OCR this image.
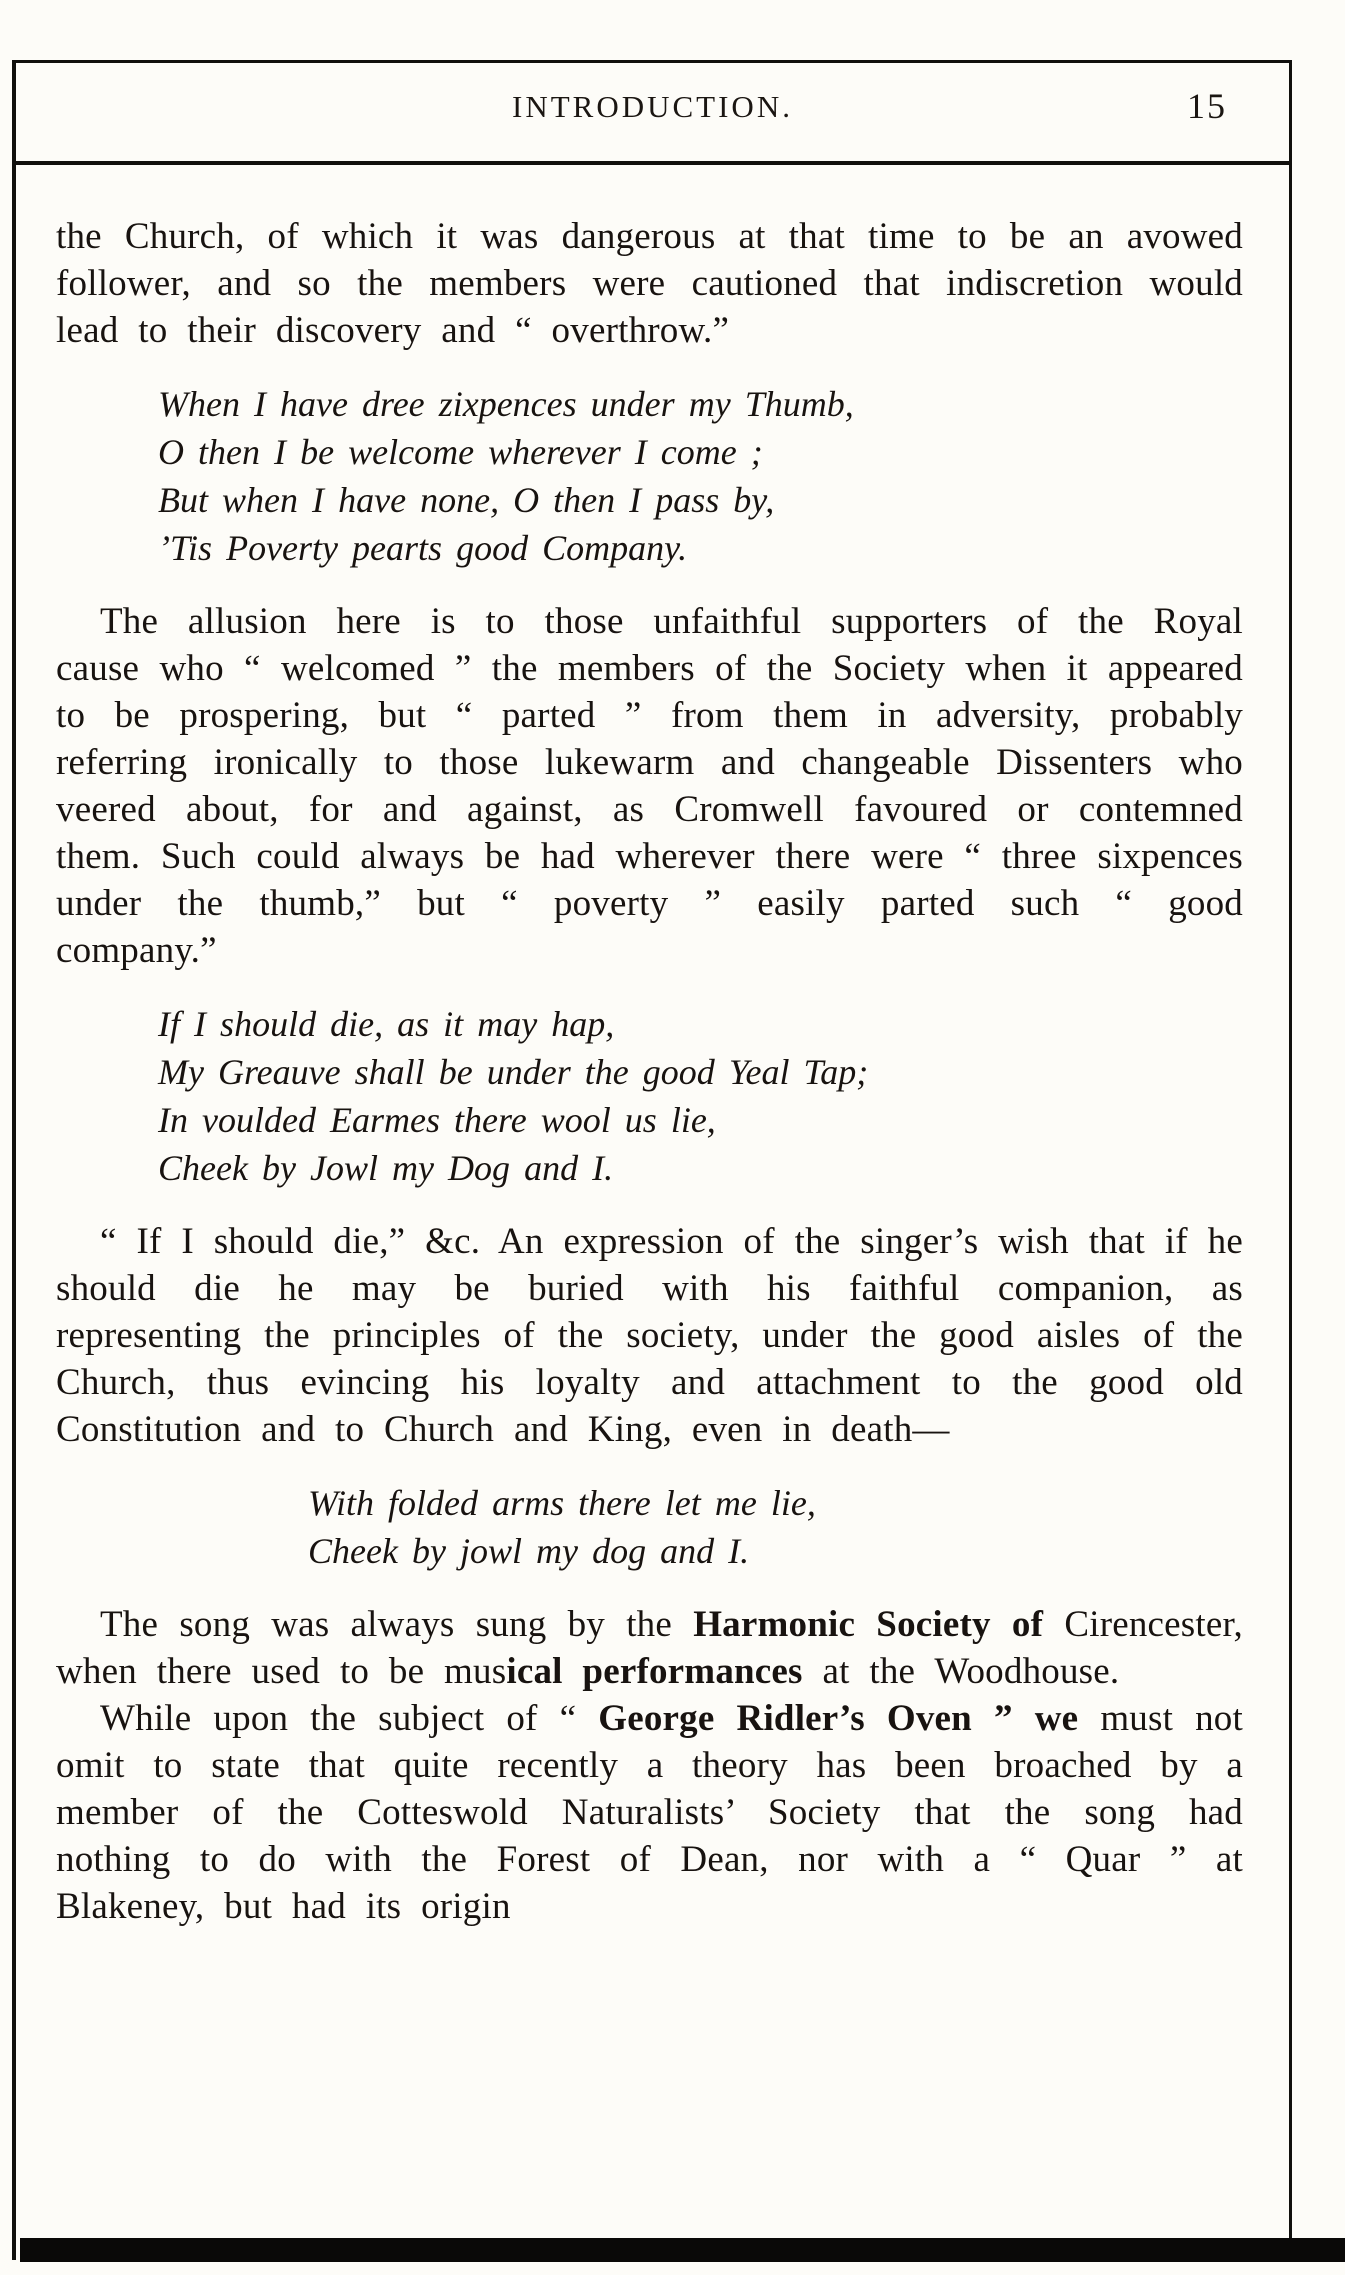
INTRODUCTION.	15

the Church, of which it was dangerous at that time to be an avowed follower, and so the members were cautioned that indiscretion would lead to their discovery and “ overthrow.”

When I have dree zixpences under my Thumb,
O then I be welcome wherever I come ;
But when I have none, O then I pass by,
’Tis Poverty pearts good Company.

The allusion here is to those unfaithful supporters of the Royal cause who “ welcomed ” the members of the Society when it appeared to be prospering, but “ parted ” from them in adversity, probably referring ironically to those lukewarm and changeable Dissenters who veered about, for and against, as Cromwell favoured or contemned them. Such could always be had wherever there were “ three sixpences under the thumb,” but “ poverty ” easily parted such “ good company.”

If I should die, as it may hap,
My Greauve shall be under the good Yeal Tap;
In voulded Earmes there wool us lie,
Cheek by Jowl my Dog and I.

“ If I should die,” &c. An expression of the singer’s wish that if he should die he may be buried with his faithful companion, as representing the principles of the society, under the good aisles of the Church, thus evincing his loyalty and attachment to the good old Constitution and to Church and King, even in death—

With folded arms there let me lie,
Cheek by jowl my dog and I.

The song was always sung by the Harmonic Society of Cirencester, when there used to be musical performances at the Woodhouse.

While upon the subject of “ George Ridler’s Oven ” we must not omit to state that quite recently a theory has been broached by a member of the Cotteswold Naturalists’ Society that the song had nothing to do with the Forest of Dean, nor with a “ Quar ” at Blakeney, but had its origin
